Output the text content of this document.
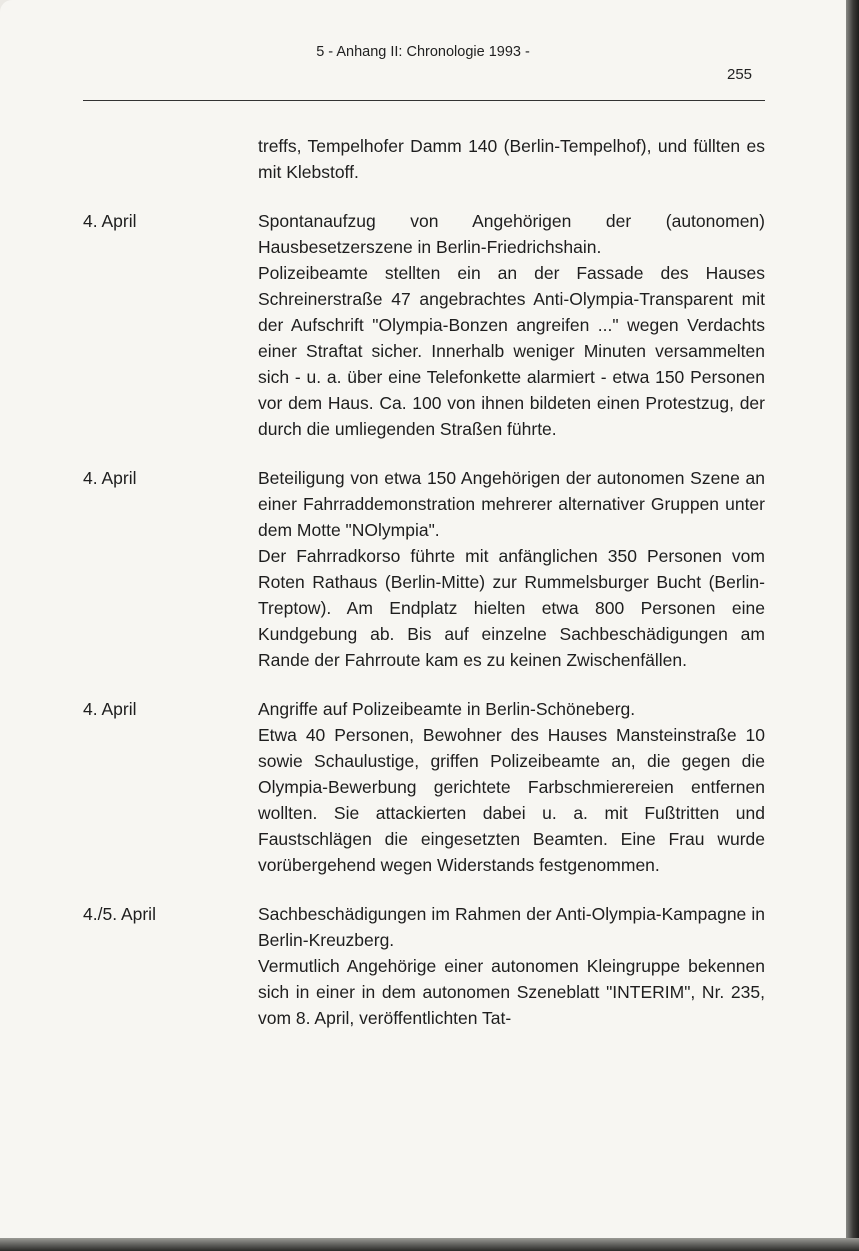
5 - Anhang II: Chronologie 1993 -
255

treffs, Tempelhofer Damm 140 (Berlin-Tempelhof), und füllten es mit Klebstoff.

4. April	Spontanaufzug von Angehörigen der (autonomen) Hausbesetzerszene in Berlin-Friedrichshain.

Polizeibeamte stellten ein an der Fassade des Hauses Schreinerstraße 47 angebrachtes Anti-Olympia-Transparent mit der Aufschrift "Olympia-Bonzen angreifen ..." wegen Verdachts einer Straftat sicher. Innerhalb weniger Minuten versammelten sich - u. a. über eine Telefonkette alarmiert - etwa 150 Personen vor dem Haus. Ca. 100 von ihnen bildeten einen Protestzug, der durch die umliegenden Straßen führte.

4. April	Beteiligung von etwa 150 Angehörigen der autonomen Szene an einer Fahrraddemonstration mehrerer alternativer Gruppen unter dem Motte "NOlympia".

Der Fahrradkorso führte mit anfänglichen 350 Personen vom Roten Rathaus (Berlin-Mitte) zur Rummelsburger Bucht (Berlin-Treptow). Am Endplatz hielten etwa 800 Personen eine Kundgebung ab. Bis auf einzelne Sachbeschädigungen am Rande der Fahrroute kam es zu keinen Zwischenfällen.

4. April	Angriffe auf Polizeibeamte in Berlin-Schöneberg.

Etwa 40 Personen, Bewohner des Hauses Mansteinstraße 10 sowie Schaulustige, griffen Polizeibeamte an, die gegen die Olympia-Bewerbung gerichtete Farbschmierereien entfernen wollten. Sie attackierten dabei u. a. mit Fußtritten und Faustschlägen die eingesetzten Beamten. Eine Frau wurde vorübergehend wegen Widerstands festgenommen.

4./5. April	Sachbeschädigungen im Rahmen der Anti-Olympia-Kampagne in Berlin-Kreuzberg.

Vermutlich Angehörige einer autonomen Kleingruppe bekennen sich in einer in dem autonomen Szeneblatt "INTERIM", Nr. 235, vom 8. April, veröffentlichten Tat-
